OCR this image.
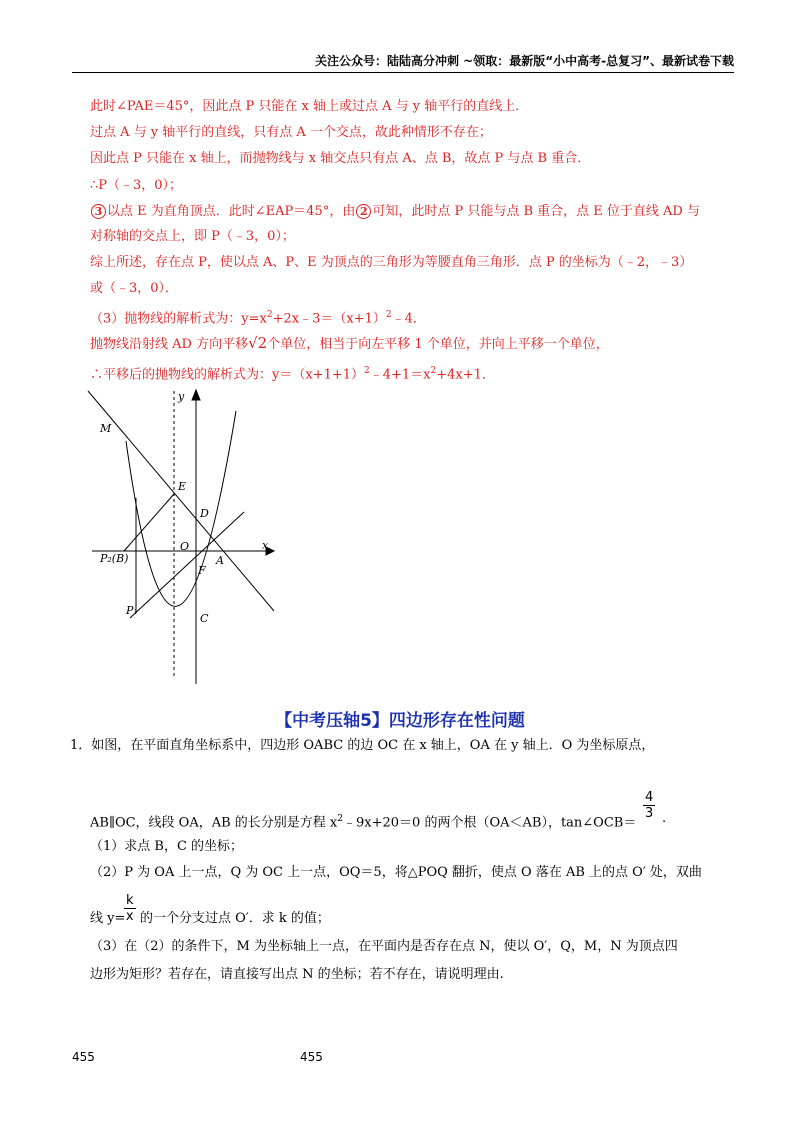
关注公众号：陆陆高分冲刺 ~领取：最新版“小中高考-总复习”、最新试卷下载
此时∠PAE＝45°，因此点 P 只能在 x 轴上或过点 A 与 y 轴平行的直线上．
过点 A 与 y 轴平行的直线，只有点 A 一个交点，故此种情形不存在；
因此点 P 只能在 x 轴上，而抛物线与 x 轴交点只有点 A、点 B，故点 P 与点 B 重合．
∴P（﹣3，0）；
3 以点 E 为直角顶点．此时∠EAP＝45°，由 2 可知，此时点 P 只能与点 B 重合，点 E 位于直线 AD 与
对称轴的交点上，即 P（﹣3，0）；
综上所述，存在点 P，使以点 A、P、E 为顶点的三角形为等腰直角三角形．点 P 的坐标为（﹣2，﹣3）
或（﹣3，0）．
（3）抛物线的解析式为：$y=x^2+2x﹣3=(x+1)^2﹣4$．
抛物线沿射线 AD 方向平移√2个单位，相当于向左平移 1 个单位，并向上平移一个单位，
∴平移后的抛物线的解析式为：$y=(x+1+1)^2﹣4+1=x^2+4x+1$．
y
x
M
E
D
O
A
F
P₂(B)
P₁
C
【中考压轴5】四边形存在性问题
1．如图，在平面直角坐标系中，四边形 OABC 的边 OC 在 x 轴上，OA 在 y 轴上．O 为坐标原点，
AB∥OC，线段 OA，AB 的长分别是方程 $x^2﹣9x+20=0$ 的两个根（OA＜AB），tan∠OCB＝
$\frac{4}{3}$ .
（1）求点 B，C 的坐标；
（2）P 为 OA 上一点，Q 为 OC 上一点，OQ＝5，将△POQ 翻折，使点 O 落在 AB 上的点 O′ 处，双曲
线 y=
$\frac{k}{x}$ 的一个分支过点 O′．求 k 的值；
（3）在（2）的条件下，M 为坐标轴上一点，在平面内是否存在点 N，使以 O′，Q，M，N 为顶点四
边形为矩形？若存在，请直接写出点 N 的坐标；若不存在，请说明理由.
455	455
